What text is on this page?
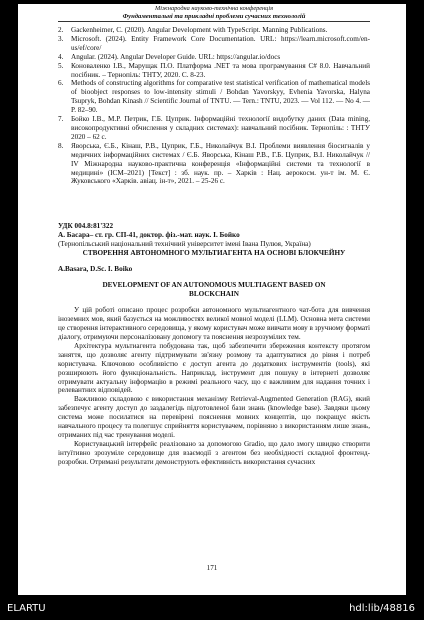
Міжнародна науково-технічна конференція
Фундаментальні та прикладні проблеми сучасних технологій
2.	Gackenheimer, C. (2020). Angular Development with TypeScript. Manning Publications.
3.	Microsoft. (2024). Entity Framework Core Documentation. URL: https://learn.microsoft.com/en-us/ef/core/
4.	Angular. (2024). Angular Developer Guide. URL: https://angular.io/docs
5.	Коноваленко І.В., Марущак П.О. Платформа .NET та мова програмування C# 8.0. Навчальний посібник. – Тернопіль: ТНТУ, 2020. С. 8-23.
6.	Methods of constructing algorithms for comparative test statistical verification of mathematical models of bioobject responses to low-intensity stimuli / Bohdan Yavorskyy, Evhenia Yavorska, Halyna Tsupryk, Bohdan Kinash // Scientific Journal of TNTU. — Tern.: TNTU, 2023. — Vol 112. — No 4. — P. 82–90.
7.	Бойко І.В., М.Р. Петрик, Г.Б. Цуприк. Інформаційні технології видобутку даних (Data mining, високопродуктивні обчислення у складних системах): навчальний посібник. Тернопіль: : ТНТУ 2020 – 62 с.
8.	Яворська, Є.Б., Кінаш, Р.В., Цуприк, Г.Б., Николайчук В.І. Проблеми виявлення біосигналів у медичних інформаційних системах / Є.Б. Яворська, Кінаш Р.В., Г.Б. Цуприк, В.І. Николайчук // IV Міжнародна науково-практична конференція «Інформаційні системи та технології в медицині» (ІСМ–2021) [Текст] : зб. наук. пр. – Харків : Нац. аерокосм. ун-т ім. М. Є. Жуковського «Харків. авіац. ін-т», 2021. – 25-26 с.
УДК 004.8:81'322
А. Басара– ст. гр. СП-41, доктор. фіз.-мат. наук. І. Бойко
(Тернопільський національний технічний університет імені Івана Пулюя, Україна)
СТВОРЕННЯ АВТОНОМНОГО МУЛЬТИАГЕНТА НА ОСНОВІ БЛОКЧЕЙНУ
A.Basara, D.Sc. I. Boiko
DEVELOPMENT OF AN AUTONOMOUS MULTIAGENT BASED ON BLOCKCHAIN

У цій роботі описано процес розробки автономного мультиагентного чат-бота для вивчення іноземних мов, який базується на можливостях великої мовної моделі (LLM). Основна мета системи це створення інтерактивного середовища, у якому користувач може вивчати мову в зручному форматі діалогу, отримуючи персоналізовану допомогу та пояснення незрозумілих тем.

Архітектура мультиагента побудована так, щоб забезпечити збереження контексту протягом заняття, що дозволяє агенту підтримувати зв'язну розмову та адаптуватися до рівня і потреб користувача. Ключовою особливістю є доступ агента до додаткових інструментів (tools), які розширюють його функціональність. Наприклад, інструмент для пошуку в інтернеті дозволяє отримувати актуальну інформацію в режимі реального часу, що є важливим для надання точних і релевантних відповідей.

Важливою складовою є використання механізму Retrieval-Augmented Generation (RAG), який забезпечує агенту доступ до заздалегідь підготовленої бази знань (knowledge base). Завдяки цьому система може посилатися на перевірені пояснення мовних концептів, що покращує якість навчального процесу та полегшує сприйняття користувачем, порівняно з використанням лише знань, отриманих під час тренування моделі.

Користувацький інтерфейс реалізовано за допомогою Gradio, що дало змогу швидко створити інтуїтивно зрозуміле середовище для взаємодії з агентом без необхідності складної фронтенд-розробки. Отримані результати демонструють ефективність використання сучасних

171
ELARTU	hdl:lib/48816
